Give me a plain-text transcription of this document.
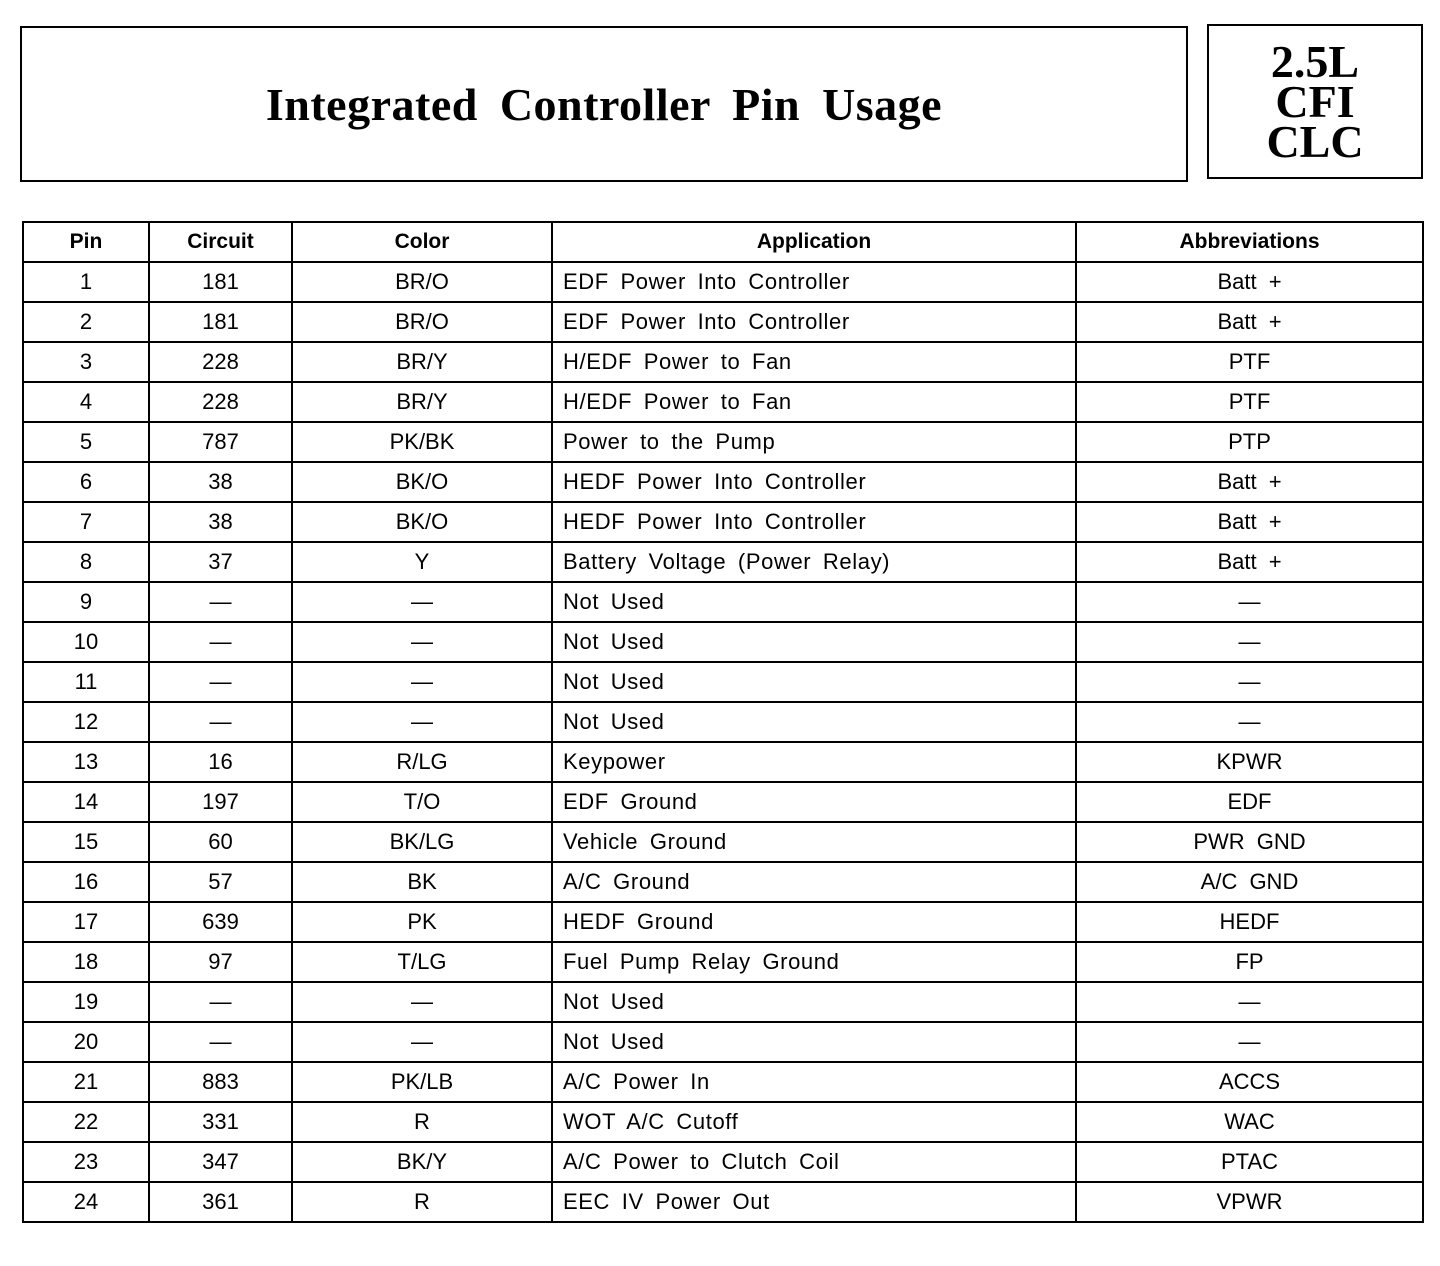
Integrated Controller Pin Usage
2.5L
CFI
CLC
Pin	Circuit	Color	Application	Abbreviations
1	181	BR/O	EDF Power Into Controller	Batt +
2	181	BR/O	EDF Power Into Controller	Batt +
3	228	BR/Y	H/EDF Power to Fan	PTF
4	228	BR/Y	H/EDF Power to Fan	PTF
5	787	PK/BK	Power to the Pump	PTP
6	38	BK/O	HEDF Power Into Controller	Batt +
7	38	BK/O	HEDF Power Into Controller	Batt +
8	37	Y	Battery Voltage (Power Relay)	Batt +
9	—	—	Not Used	—
10	—	—	Not Used	—
11	—	—	Not Used	—
12	—	—	Not Used	—
13	16	R/LG	Keypower	KPWR
14	197	T/O	EDF Ground	EDF
15	60	BK/LG	Vehicle Ground	PWR GND
16	57	BK	A/C Ground	A/C GND
17	639	PK	HEDF Ground	HEDF
18	97	T/LG	Fuel Pump Relay Ground	FP
19	—	—	Not Used	—
20	—	—	Not Used	—
21	883	PK/LB	A/C Power In	ACCS
22	331	R	WOT A/C Cutoff	WAC
23	347	BK/Y	A/C Power to Clutch Coil	PTAC
24	361	R	EEC IV Power Out	VPWR
